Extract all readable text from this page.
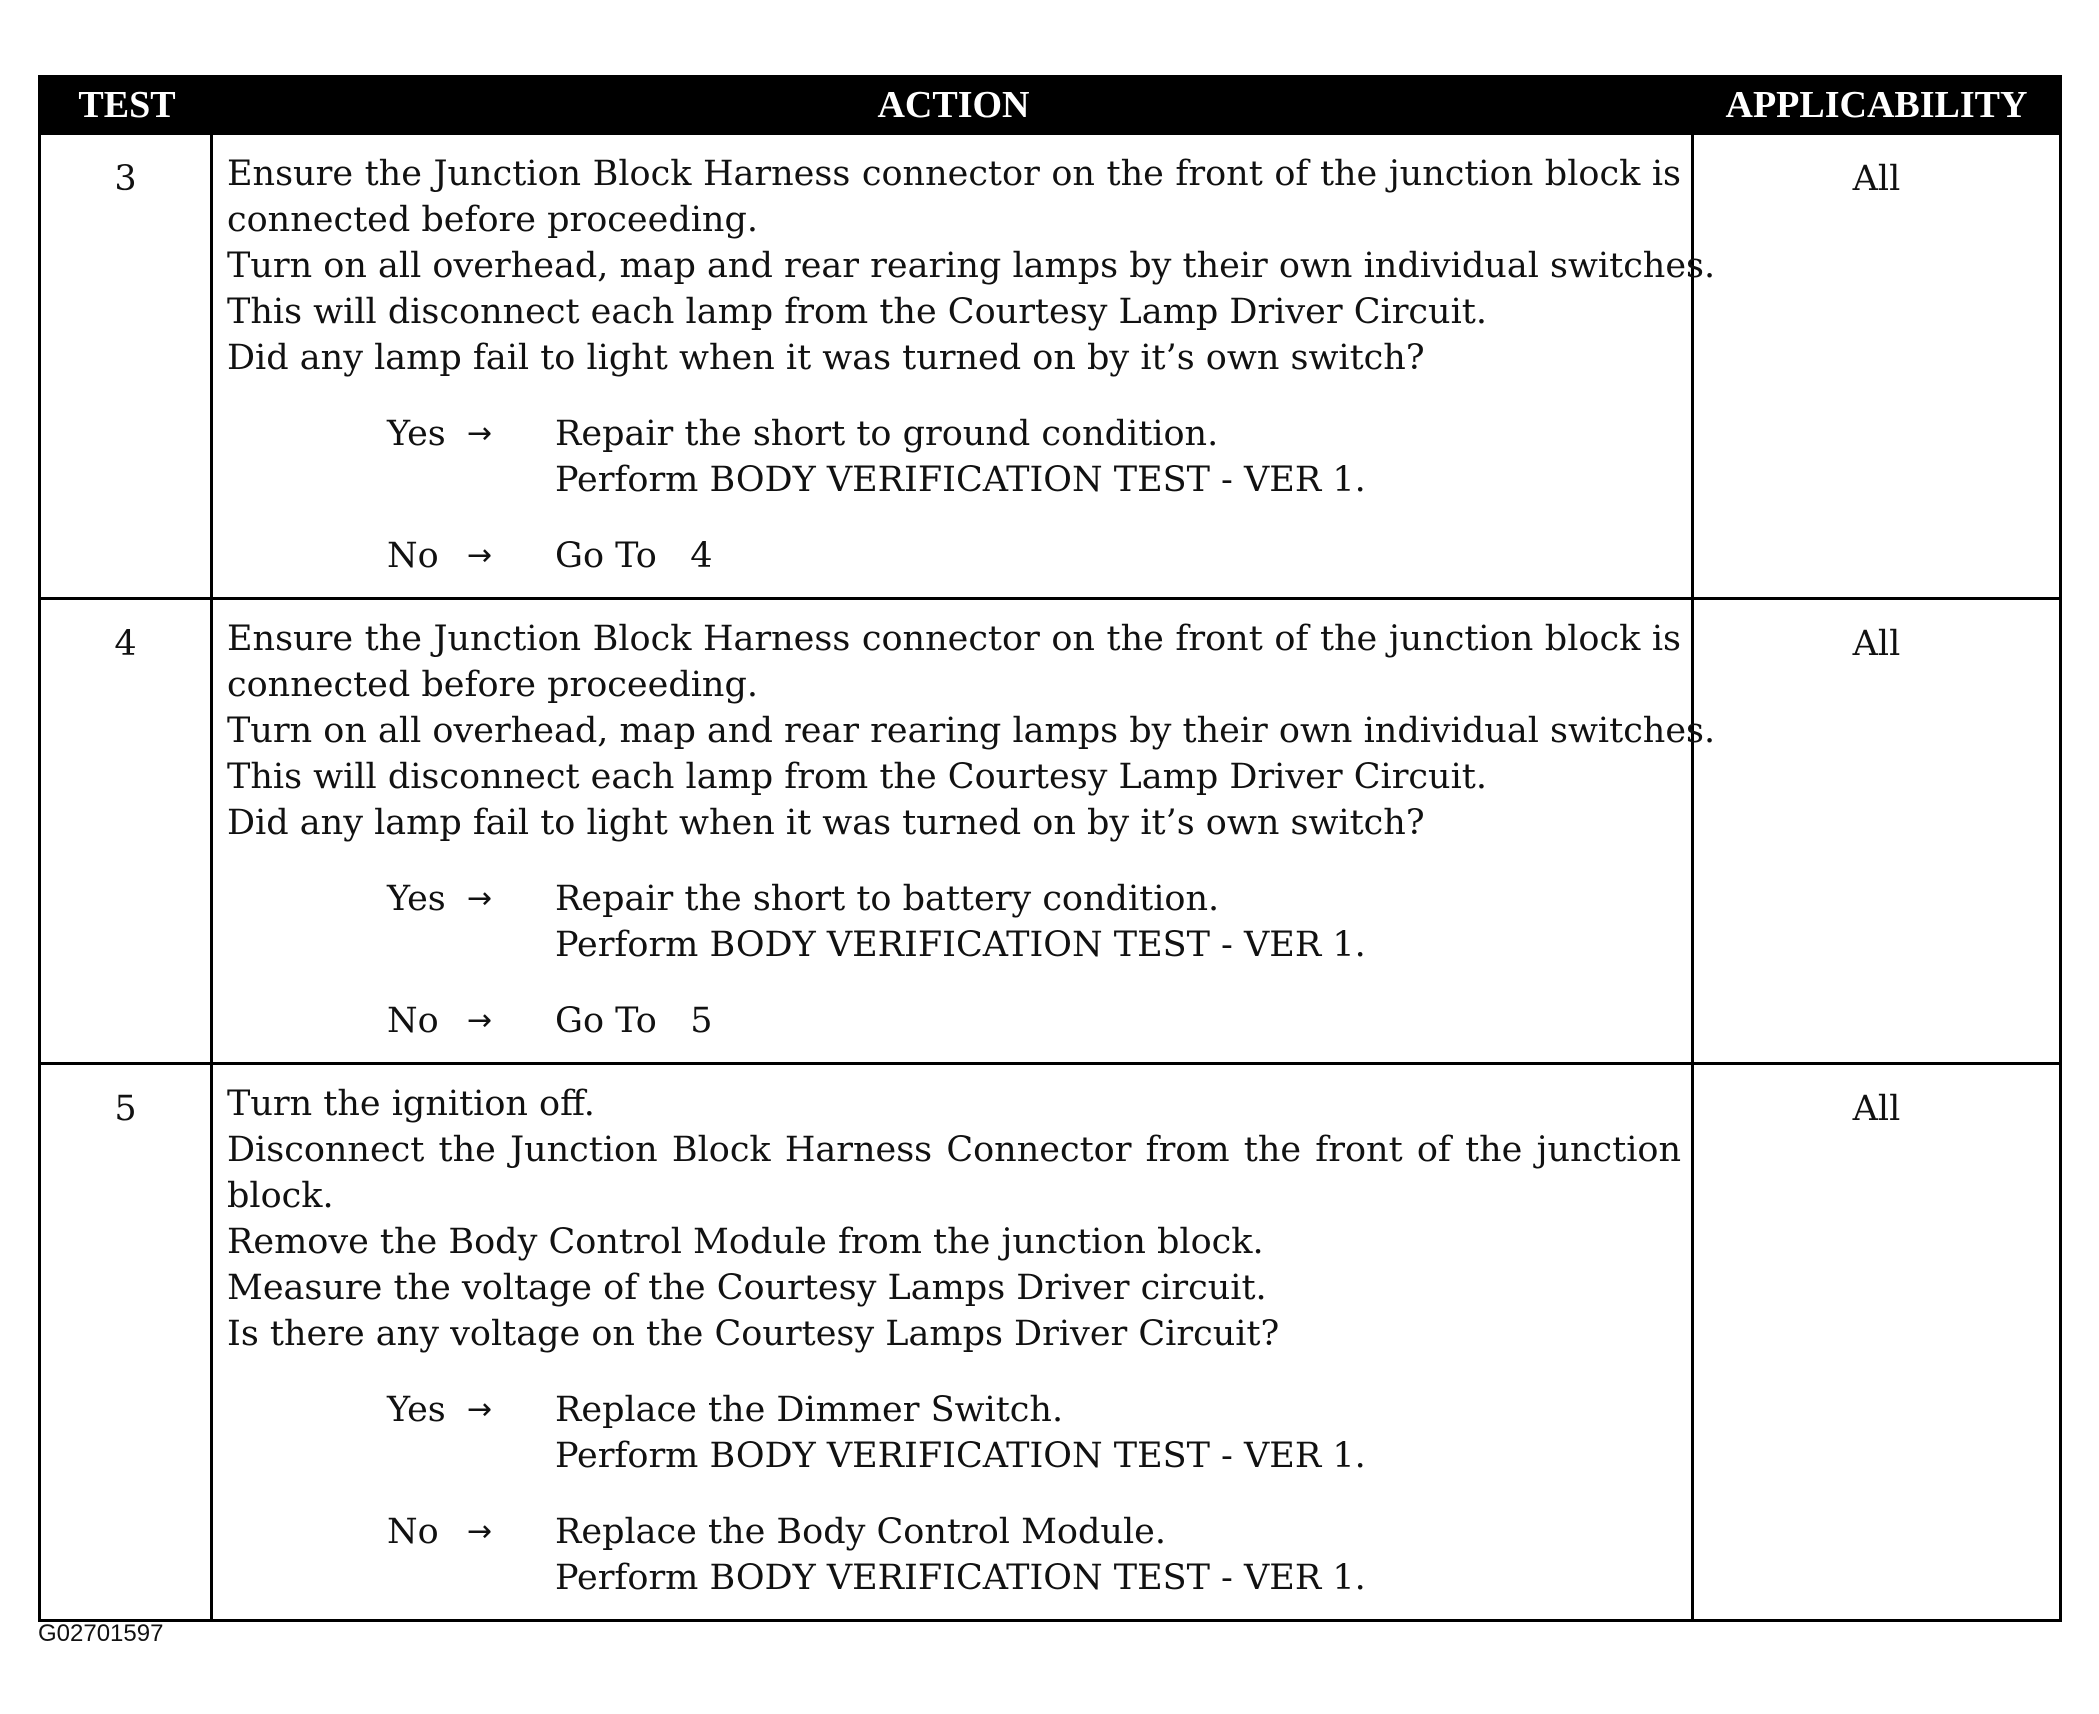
TEST	ACTION	APPLICABILITY
3	Ensure the Junction Block Harness connector on the front of the junction block is
connected before proceeding.
Turn on all overhead, map and rear rearing lamps by their own individual switches.
This will disconnect each lamp from the Courtesy Lamp Driver Circuit.
Did any lamp fail to light when it was turned on by it’s own switch?
Yes →	Repair the short to ground condition.
Perform BODY VERIFICATION TEST - VER 1.
No →	Go To   4
All
4	Ensure the Junction Block Harness connector on the front of the junction block is
connected before proceeding.
Turn on all overhead, map and rear rearing lamps by their own individual switches.
This will disconnect each lamp from the Courtesy Lamp Driver Circuit.
Did any lamp fail to light when it was turned on by it’s own switch?
Yes →	Repair the short to battery condition.
Perform BODY VERIFICATION TEST - VER 1.
No →	Go To   5
All
5	Turn the ignition off.
Disconnect the Junction Block Harness Connector from the front of the junction
block.
Remove the Body Control Module from the junction block.
Measure the voltage of the Courtesy Lamps Driver circuit.
Is there any voltage on the Courtesy Lamps Driver Circuit?
Yes →	Replace the Dimmer Switch.
Perform BODY VERIFICATION TEST - VER 1.
No →	Replace the Body Control Module.
Perform BODY VERIFICATION TEST - VER 1.
All
G02701597
